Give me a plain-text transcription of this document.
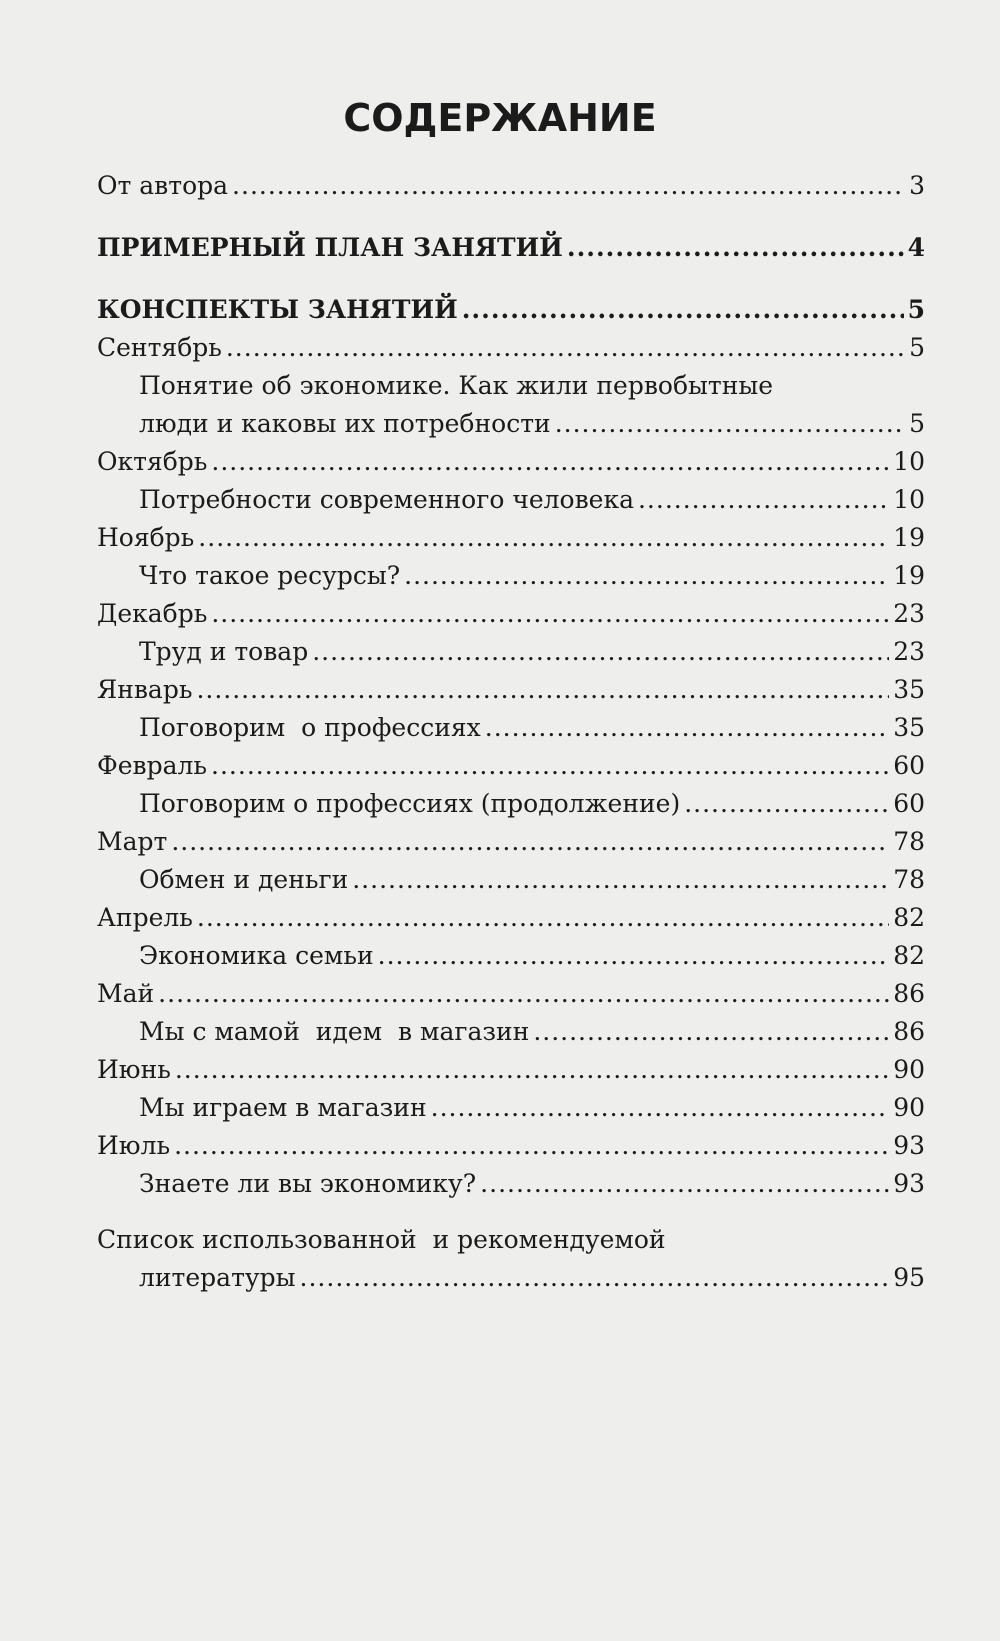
СОДЕРЖАНИЕ
От автора .....	3
ПРИМЕРНЫЙ ПЛАН ЗАНЯТИЙ .....	4
КОНСПЕКТЫ ЗАНЯТИЙ .....	5
Сентябрь .....	5
Понятие об экономике. Как жили первобытные
люди и каковы их потребности .....	5
Октябрь .....	10
Потребности современного человека .....	10
Ноябрь .....	19
Что такое ресурсы? .....	19
Декабрь .....	23
Труд и товар .....	23
Январь .....	35
Поговорим  о профессиях .....	35
Февраль .....	60
Поговорим о профессиях (продолжение) .....	60
Март .....	78
Обмен и деньги .....	78
Апрель .....	82
Экономика семьи .....	82
Май .....	86
Мы с мамой  идем  в магазин .....	86
Июнь .....	90
Мы играем в магазин .....	90
Июль .....	93
Знаете ли вы экономику? .....	93
Список использованной  и рекомендуемой
литературы .....	95
